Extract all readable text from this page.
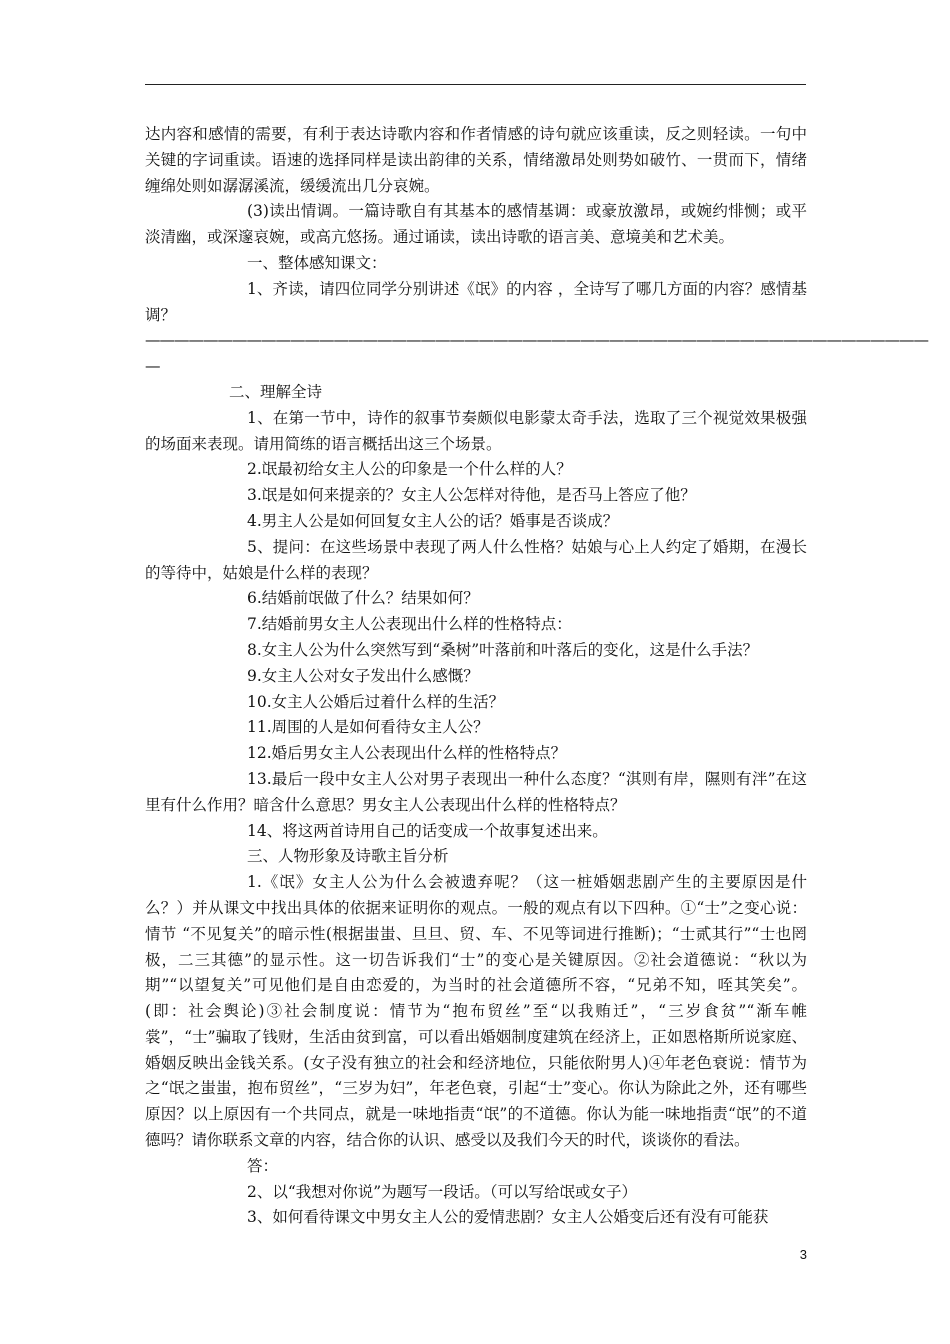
达内容和感情的需要，有利于表达诗歌内容和作者情感的诗句就应该重读，反之则轻读。一句中关键的字词重读。语速的选择同样是读出韵律的关系，情绪激昂处则势如破竹、一贯而下，情绪缠绵处则如潺潺溪流，缓缓流出几分哀婉。

(3)读出情调。一篇诗歌自有其基本的感情基调：或豪放激昂，或婉约悱恻；或平淡清幽，或深邃哀婉，或高亢悠扬。通过诵读，读出诗歌的语言美、意境美和艺术美。

一、整体感知课文：

1、齐读，请四位同学分别讲述《氓》的内容 ，全诗写了哪几方面的内容？感情基调？

——————————————————————————————————————————————————————

—

二、理解全诗

1、在第一节中，诗作的叙事节奏颇似电影蒙太奇手法，选取了三个视觉效果极强的场面来表现。请用简练的语言概括出这三个场景。

2.氓最初给女主人公的印象是一个什么样的人？

3.氓是如何来提亲的？女主人公怎样对待他，是否马上答应了他？

4.男主人公是如何回复女主人公的话？婚事是否谈成？

5、提问：在这些场景中表现了两人什么性格？姑娘与心上人约定了婚期，在漫长的等待中，姑娘是什么样的表现？

6.结婚前氓做了什么？结果如何？

7.结婚前男女主人公表现出什么样的性格特点：

8.女主人公为什么突然写到“桑树”叶落前和叶落后的变化，这是什么手法？

9.女主人公对女子发出什么感慨？

10.女主人公婚后过着什么样的生活？

11.周围的人是如何看待女主人公？

12.婚后男女主人公表现出什么样的性格特点？

13.最后一段中女主人公对男子表现出一种什么态度？“淇则有岸，隰则有泮”在这里有什么作用？暗含什么意思？男女主人公表现出什么样的性格特点？

14、将这两首诗用自己的话变成一个故事复述出来。

三、人物形象及诗歌主旨分析

1.《氓》女主人公为什么会被遗弃呢？（这一桩婚姻悲剧产生的主要原因是什么？）并从课文中找出具体的依据来证明你的观点。一般的观点有以下四种。①“士”之变心说：情节 “不见复关”的暗示性(根据蚩蚩、旦旦、贸、车、不见等词进行推断)；“士贰其行”“士也罔极，二三其德”的显示性。这一切告诉我们“士”的变心是关键原因。②社会道德说：“秋以为期”“以望复关”可见他们是自由恋爱的，为当时的社会道德所不容，“兄弟不知，咥其笑矣”。(即：社会舆论)③社会制度说：情节为“抱布贸丝”至“以我贿迁”，“三岁食贫”“渐车帷裳”，“士”骗取了钱财，生活由贫到富，可以看出婚姻制度建筑在经济上，正如恩格斯所说家庭、婚姻反映出金钱关系。(女子没有独立的社会和经济地位，只能依附男人)④年老色衰说：情节为之“氓之蚩蚩，抱布贸丝”，“三岁为妇”，年老色衰，引起“士”变心。你认为除此之外，还有哪些原因？以上原因有一个共同点，就是一味地指责“氓”的不道德。你认为能一味地指责“氓”的不道德吗？请你联系文章的内容，结合你的认识、感受以及我们今天的时代，谈谈你的看法。

答：

2、以“我想对你说”为题写一段话。（可以写给氓或女子）

3、如何看待课文中男女主人公的爱情悲剧？女主人公婚变后还有没有可能获

3
